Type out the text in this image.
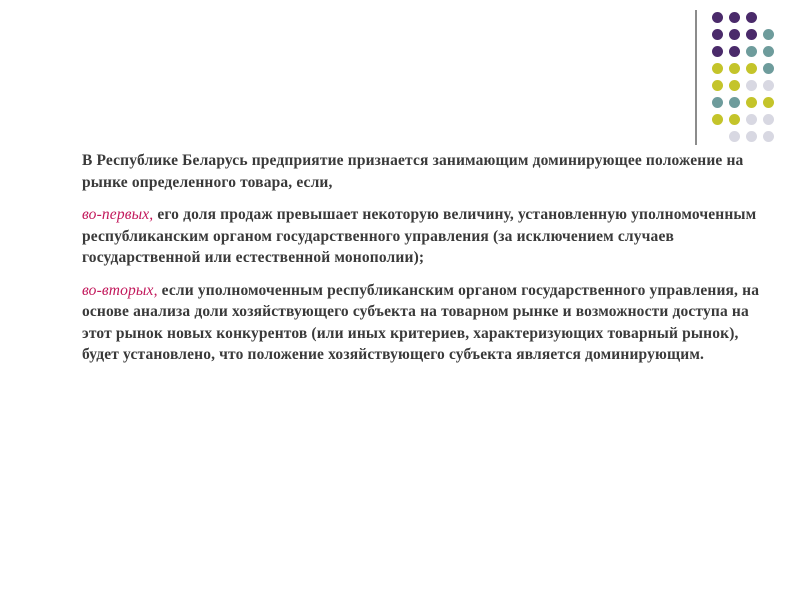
В Республике Беларусь предприятие признается занимающим доминирующее положение на рынке определенного товара, если,

во-первых, его доля продаж превышает некоторую величину, установленную уполномоченным республиканским органом государственного управления (за исключением случаев государственной или естественной монополии);

во-вторых, если уполномоченным республиканским органом государственного управления, на основе анализа доли хозяйствующего субъекта на товарном рынке и возможности доступа на этот рынок новых конкурентов (или иных критериев, характеризующих товарный рынок), будет установлено, что положение хозяйствующего субъекта является доминирующим.
